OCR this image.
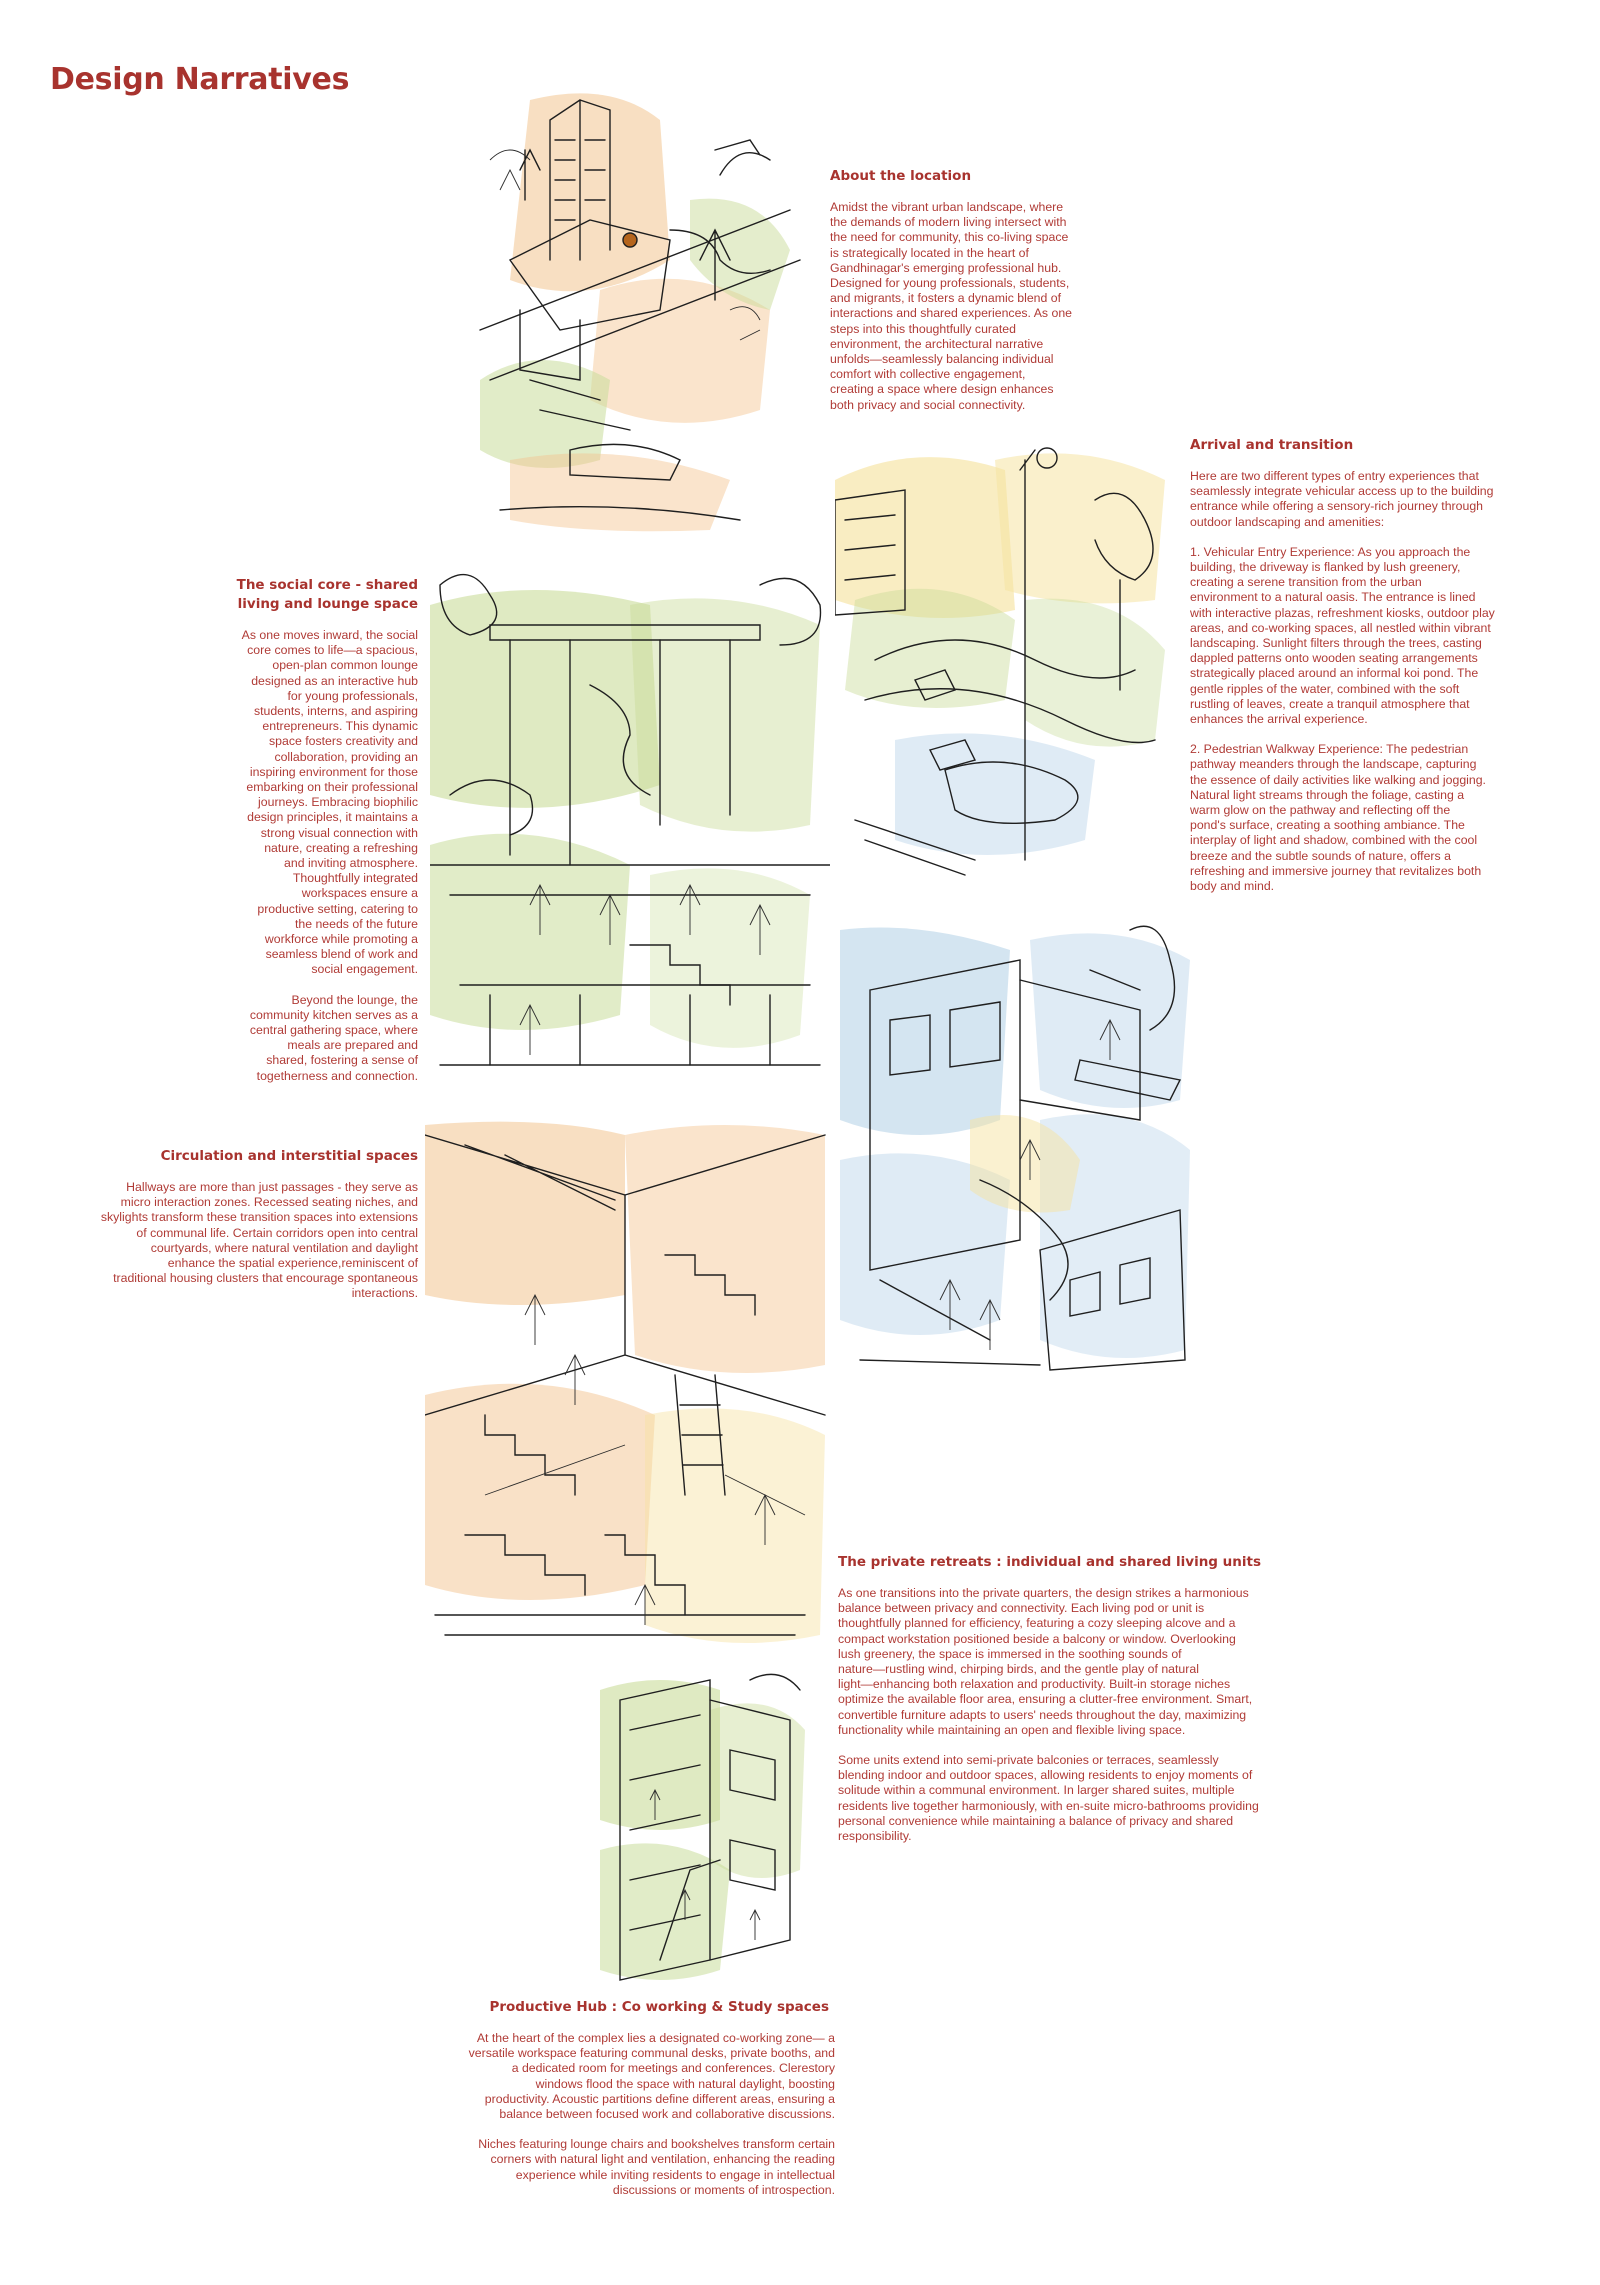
Design Narratives
About the location

Amidst the vibrant urban landscape, where
the demands of modern living intersect with
the need for community, this co-living space
is strategically located in the heart of
Gandhinagar's emerging professional hub.
Designed for young professionals, students,
and migrants, it fosters a dynamic blend of
interactions and shared experiences. As one
steps into this thoughtfully curated
environment, the architectural narrative
unfolds—seamlessly balancing individual
comfort with collective engagement,
creating a space where design enhances
both privacy and social connectivity.

Arrival and transition

Here are two different types of entry experiences that
seamlessly integrate vehicular access up to the building
entrance while offering a sensory-rich journey through
outdoor landscaping and amenities:

1. Vehicular Entry Experience: As you approach the
building, the driveway is flanked by lush greenery,
creating a serene transition from the urban
environment to a natural oasis. The entrance is lined
with interactive plazas, refreshment kiosks, outdoor play
areas, and co-working spaces, all nestled within vibrant
landscaping. Sunlight filters through the trees, casting
dappled patterns onto wooden seating arrangements
strategically placed around an informal koi pond. The
gentle ripples of the water, combined with the soft
rustling of leaves, create a tranquil atmosphere that
enhances the arrival experience.

2. Pedestrian Walkway Experience: The pedestrian
pathway meanders through the landscape, capturing
the essence of daily activities like walking and jogging.
Natural light streams through the foliage, casting a
warm glow on the pathway and reflecting off the
pond's surface, creating a soothing ambiance. The
interplay of light and shadow, combined with the cool
breeze and the subtle sounds of nature, offers a
refreshing and immersive journey that revitalizes both
body and mind.

The social core - shared
living and lounge space

As one moves inward, the social
core comes to life—a spacious,
open-plan common lounge
designed as an interactive hub
for young professionals,
students, interns, and aspiring
entrepreneurs. This dynamic
space fosters creativity and
collaboration, providing an
inspiring environment for those
embarking on their professional
journeys. Embracing biophilic
design principles, it maintains a
strong visual connection with
nature, creating a refreshing
and inviting atmosphere.
Thoughtfully integrated
workspaces ensure a
productive setting, catering to
the needs of the future
workforce while promoting a
seamless blend of work and
social engagement.

Beyond the lounge, the
community kitchen serves as a
central gathering space, where
meals are prepared and
shared, fostering a sense of
togetherness and connection.

Circulation and interstitial spaces

Hallways are more than just passages - they serve as
micro interaction zones. Recessed seating niches, and
skylights transform these transition spaces into extensions
of communal life. Certain corridors open into central
courtyards, where natural ventilation and daylight
enhance the spatial experience,reminiscent of
traditional housing clusters that encourage spontaneous
interactions.

The private retreats : individual and shared living units

As one transitions into the private quarters, the design strikes a harmonious
balance between privacy and connectivity. Each living pod or unit is
thoughtfully planned for efficiency, featuring a cozy sleeping alcove and a
compact workstation positioned beside a balcony or window. Overlooking
lush greenery, the space is immersed in the soothing sounds of
nature—rustling wind, chirping birds, and the gentle play of natural
light—enhancing both relaxation and productivity. Built-in storage niches
optimize the available floor area, ensuring a clutter-free environment. Smart,
convertible furniture adapts to users' needs throughout the day, maximizing
functionality while maintaining an open and flexible living space.

Some units extend into semi-private balconies or terraces, seamlessly
blending indoor and outdoor spaces, allowing residents to enjoy moments of
solitude within a communal environment. In larger shared suites, multiple
residents live together harmoniously, with en-suite micro-bathrooms providing
personal convenience while maintaining a balance of privacy and shared
responsibility.

Productive Hub : Co working & Study spaces

At the heart of the complex lies a designated co-working zone— a
versatile workspace featuring communal desks, private booths, and
a dedicated room for meetings and conferences. Clerestory
windows flood the space with natural daylight, boosting
productivity. Acoustic partitions define different areas, ensuring a
balance between focused work and collaborative discussions.

Niches featuring lounge chairs and bookshelves transform certain
corners with natural light and ventilation, enhancing the reading
experience while inviting residents to engage in intellectual
discussions or moments of introspection.
